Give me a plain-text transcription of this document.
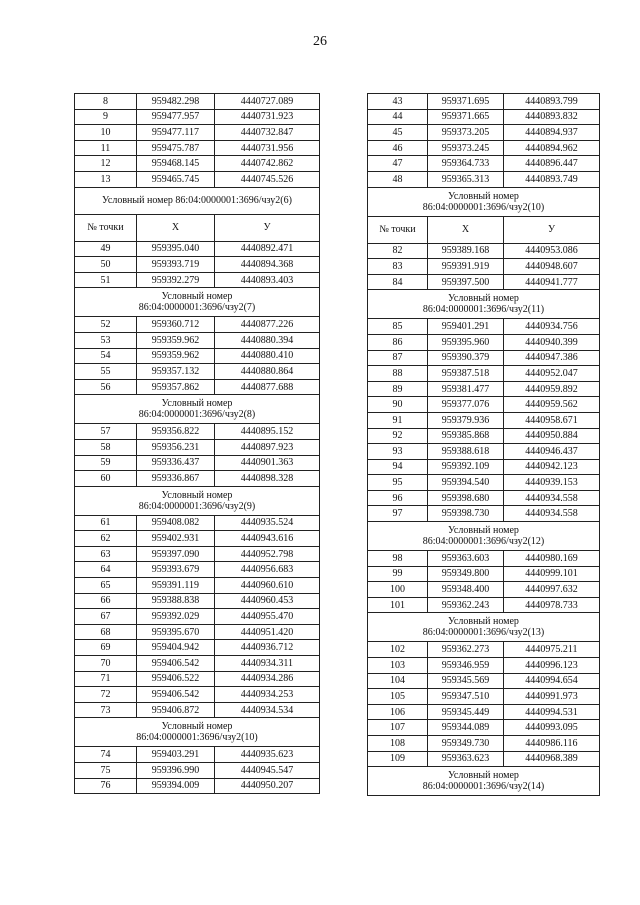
26
8	959482.298	4440727.089
9	959477.957	4440731.923
10	959477.117	4440732.847
11	959475.787	4440731.956
12	959468.145	4440742.862
13	959465.745	4440745.526

Условный номер 86:04:0000001:3696/чзу2(6)		

№ точки	X	У
49	959395.040	4440892.471
50	959393.719	4440894.368
51	959392.279	4440893.403

Условный номер
86:04:0000001:3696/чзу2(7)		

52	959360.712	4440877.226
53	959359.962	4440880.394
54	959359.962	4440880.410
55	959357.132	4440880.864
56	959357.862	4440877.688

Условный номер
86:04:0000001:3696/чзу2(8)		

57	959356.822	4440895.152
58	959356.231	4440897.923
59	959336.437	4440901.363
60	959336.867	4440898.328

Условный номер
86:04:0000001:3696/чзу2(9)		

61	959408.082	4440935.524
62	959402.931	4440943.616
63	959397.090	4440952.798
64	959393.679	4440956.683
65	959391.119	4440960.610
66	959388.838	4440960.453
67	959392.029	4440955.470
68	959395.670	4440951.420
69	959404.942	4440936.712
70	959406.542	4440934.311
71	959406.522	4440934.286
72	959406.542	4440934.253
73	959406.872	4440934.534

Условный номер
86:04:0000001:3696/чзу2(10)		

74	959403.291	4440935.623
75	959396.990	4440945.547
76	959394.009	4440950.207
43	959371.695	4440893.799
44	959371.665	4440893.832
45	959373.205	4440894.937
46	959373.245	4440894.962
47	959364.733	4440896.447
48	959365.313	4440893.749

Условный номер
86:04:0000001:3696/чзу2(10)		

№ точки	X	У
82	959389.168	4440953.086
83	959391.919	4440948.607
84	959397.500	4440941.777

Условный номер
86:04:0000001:3696/чзу2(11)		

85	959401.291	4440934.756
86	959395.960	4440940.399
87	959390.379	4440947.386
88	959387.518	4440952.047
89	959381.477	4440959.892
90	959377.076	4440959.562
91	959379.936	4440958.671
92	959385.868	4440950.884
93	959388.618	4440946.437
94	959392.109	4440942.123
95	959394.540	4440939.153
96	959398.680	4440934.558
97	959398.730	4440934.558

Условный номер
86:04:0000001:3696/чзу2(12)		

98	959363.603	4440980.169
99	959349.800	4440999.101
100	959348.400	4440997.632
101	959362.243	4440978.733

Условный номер
86:04:0000001:3696/чзу2(13)		

102	959362.273	4440975.211
103	959346.959	4440996.123
104	959345.569	4440994.654
105	959347.510	4440991.973
106	959345.449	4440994.531
107	959344.089	4440993.095
108	959349.730	4440986.116
109	959363.623	4440968.389

Условный номер
86:04:0000001:3696/чзу2(14)		
